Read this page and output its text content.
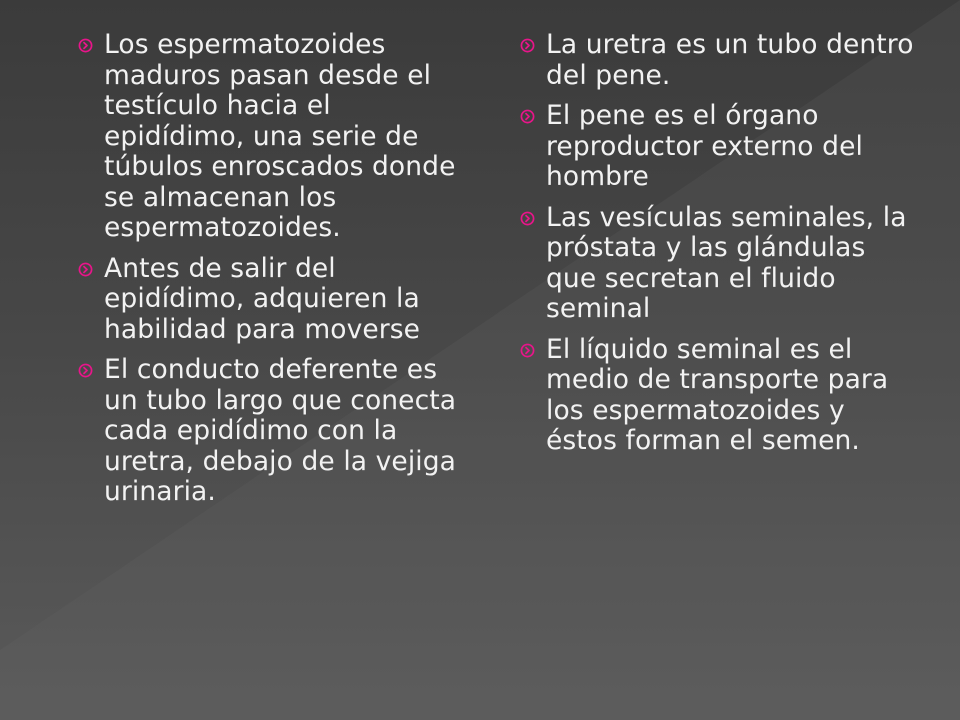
Los espermatozoides maduros pasan desde el testículo hacia el epidídimo, una serie de túbulos enroscados donde se almacenan los espermatozoides.
Antes de salir del epidídimo, adquieren la habilidad para moverse
El conducto deferente es un tubo largo que conecta cada epidídimo con la uretra, debajo de la vejiga urinaria.
La uretra es un tubo dentro del pene.
El pene es el órgano reproductor externo del hombre
Las vesículas seminales, la próstata y las glándulas que secretan el fluido seminal
El líquido seminal es el medio de transporte para los espermatozoides y éstos forman el semen.
